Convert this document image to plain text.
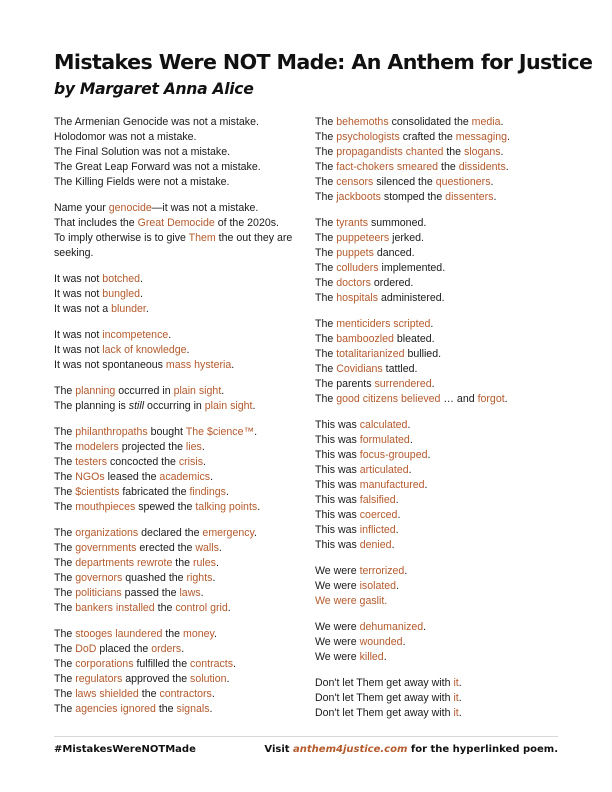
Mistakes Were NOT Made: An Anthem for Justice
by Margaret Anna Alice
The Armenian Genocide was not a mistake.
Holodomor was not a mistake.
The Final Solution was not a mistake.
The Great Leap Forward was not a mistake.
The Killing Fields were not a mistake.
Name your genocide—it was not a mistake.
That includes the Great Democide of the 2020s.
To imply otherwise is to give Them the out they are seeking.
It was not botched.
It was not bungled.
It was not a blunder.
It was not incompetence.
It was not lack of knowledge.
It was not spontaneous mass hysteria.
The planning occurred in plain sight.
The planning is still occurring in plain sight.
The philanthropaths bought The $cience™.
The modelers projected the lies.
The testers concocted the crisis.
The NGOs leased the academics.
The $cientists fabricated the findings.
The mouthpieces spewed the talking points.
The organizations declared the emergency.
The governments erected the walls.
The departments rewrote the rules.
The governors quashed the rights.
The politicians passed the laws.
The bankers installed the control grid.
The stooges laundered the money.
The DoD placed the orders.
The corporations fulfilled the contracts.
The regulators approved the solution.
The laws shielded the contractors.
The agencies ignored the signals.
The behemoths consolidated the media.
The psychologists crafted the messaging.
The propagandists chanted the slogans.
The fact-chokers smeared the dissidents.
The censors silenced the questioners.
The jackboots stomped the dissenters.
The tyrants summoned.
The puppeteers jerked.
The puppets danced.
The colluders implemented.
The doctors ordered.
The hospitals administered.
The menticiders scripted.
The bamboozled bleated.
The totalitarianized bullied.
The Covidians tattled.
The parents surrendered.
The good citizens believed … and forgot.
This was calculated.
This was formulated.
This was focus-grouped.
This was articulated.
This was manufactured.
This was falsified.
This was coerced.
This was inflicted.
This was denied.
We were terrorized.
We were isolated.
We were gaslit.
We were dehumanized.
We were wounded.
We were killed.
Don't let Them get away with it.
Don't let Them get away with it.
Don't let Them get away with it.
#MistakesWereNOTMade	Visit anthem4justice.com for the hyperlinked poem.
